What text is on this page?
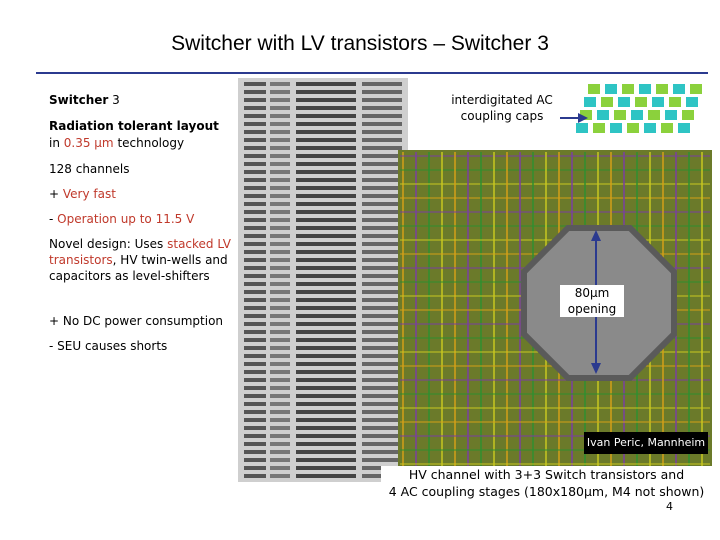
Switcher with LV transistors – Switcher 3
Switcher 3
Radiation tolerant layout
in 0.35 μm technology
128 channels
+ Very fast
- Operation up to 11.5 V
Novel design: Uses stacked LV transistors, HV twin-wells and capacitors as level-shifters
+ No DC power consumption
- SEU causes shorts
interdigitated AC coupling caps
80μm opening
Ivan Peric, Mannheim
HV channel with 3+3 Switch transistors and
4 AC coupling stages (180x180μm, M4 not shown)
4
